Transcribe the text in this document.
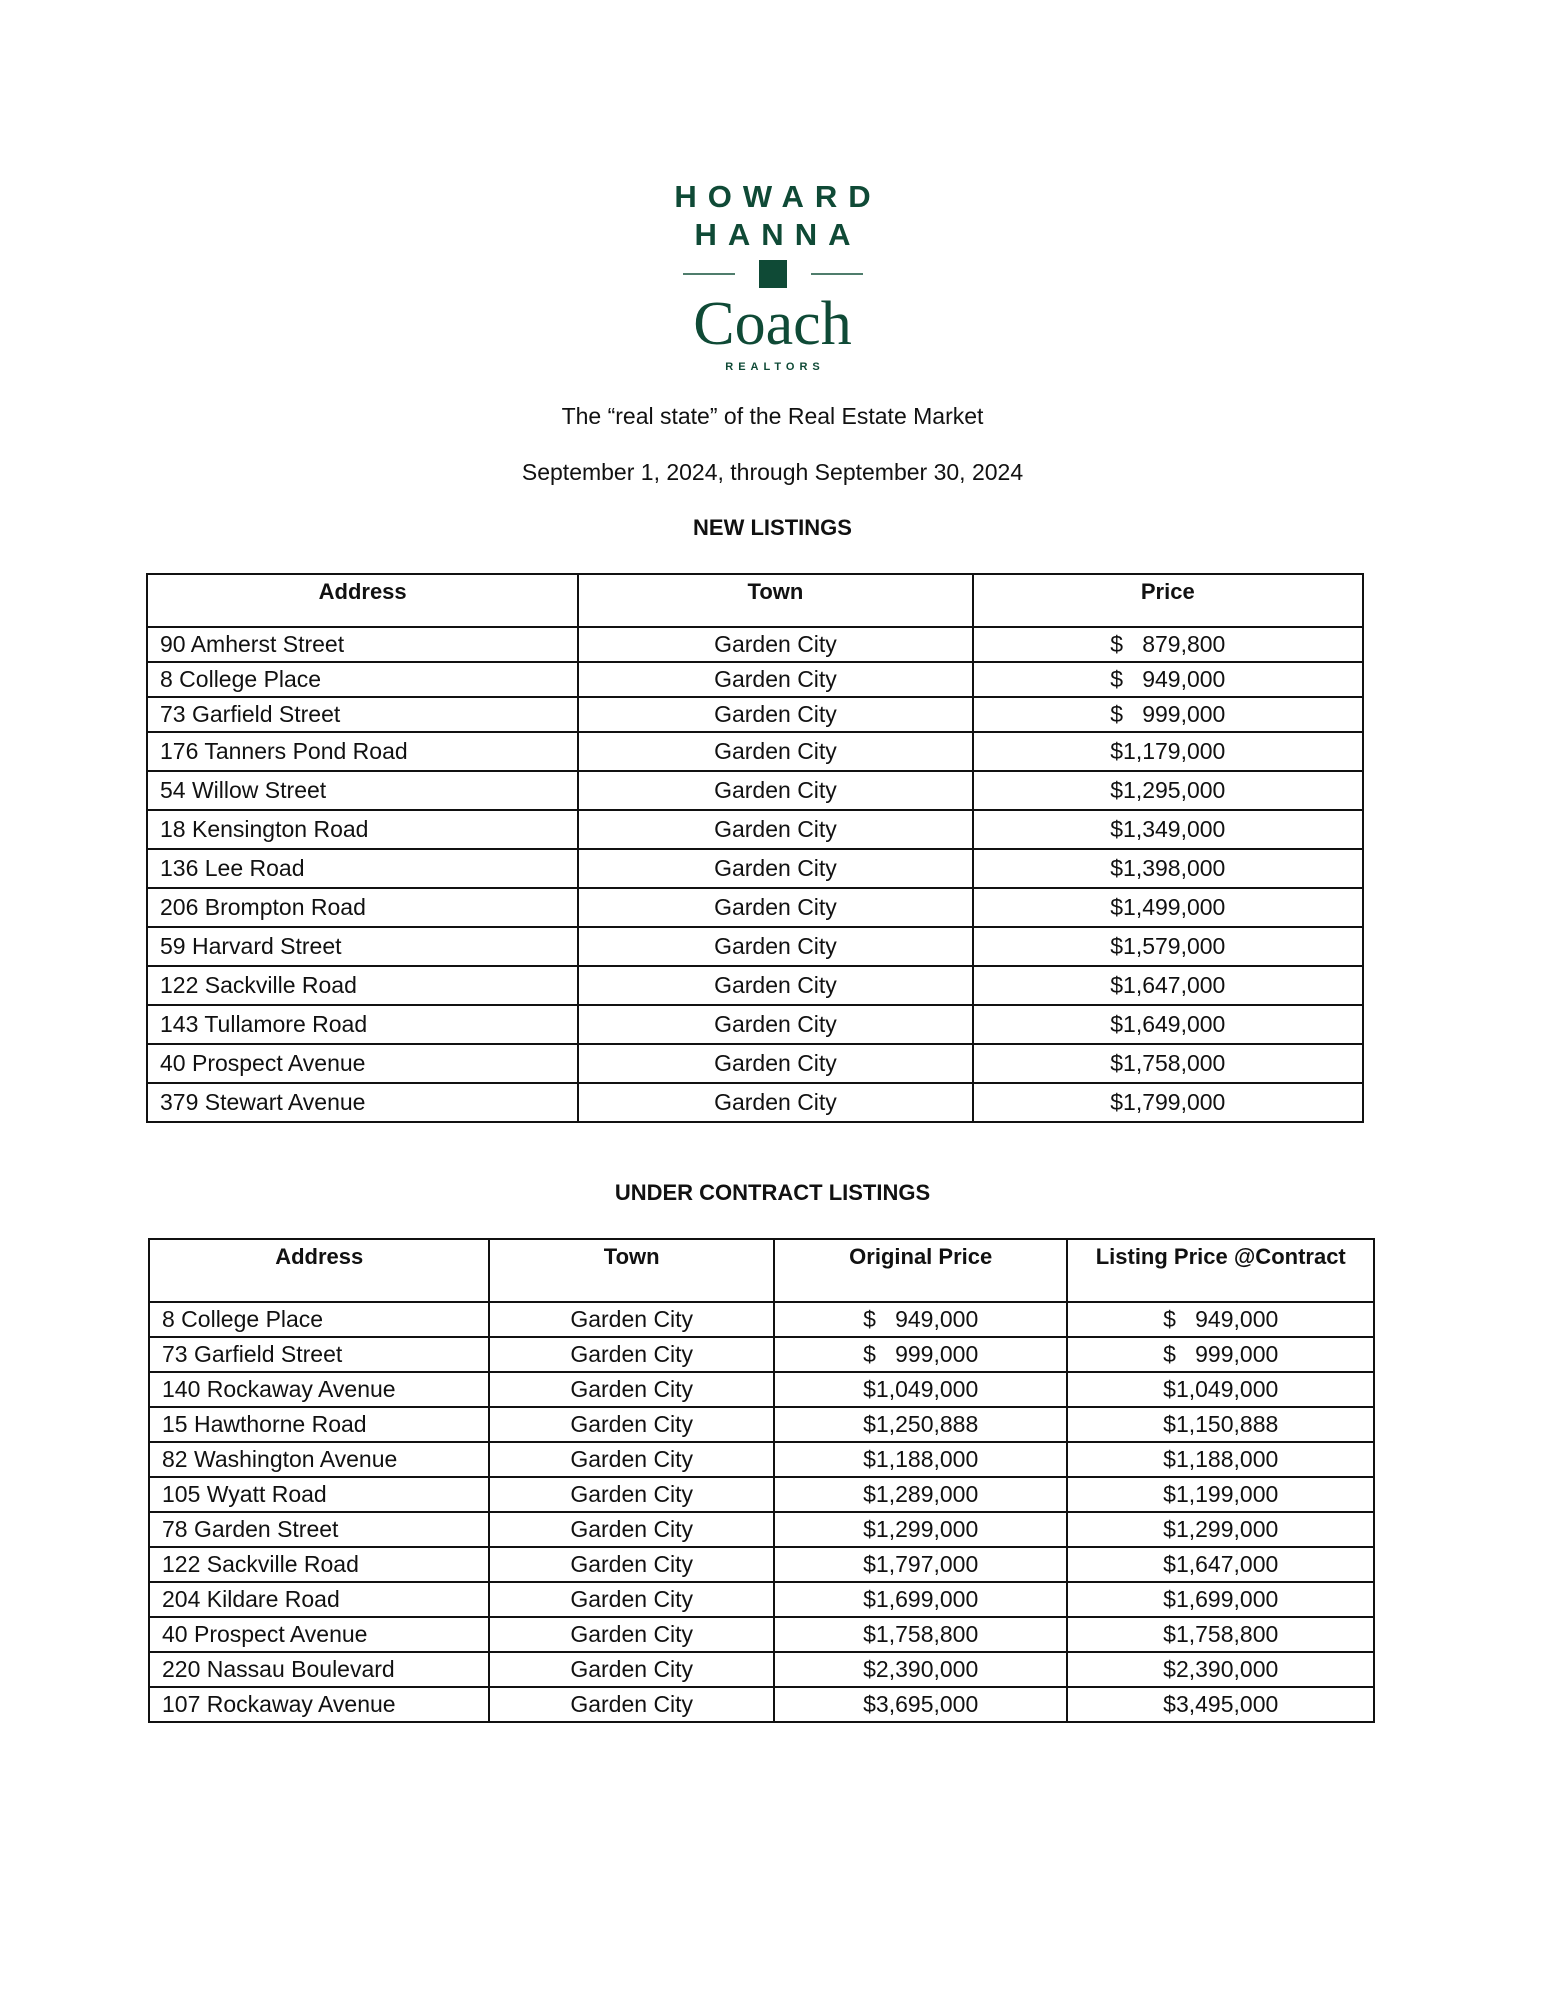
HOWARD
HANNA
Coach
REALTORS
The “real state” of the Real Estate Market
September 1, 2024, through September 30, 2024
NEW LISTINGS
Address	Town	Price
90 Amherst Street	Garden City	$   879,800
8 College Place	Garden City	$   949,000
73 Garfield Street	Garden City	$   999,000
176 Tanners Pond Road	Garden City	$1,179,000
54 Willow Street	Garden City	$1,295,000
18 Kensington Road	Garden City	$1,349,000
136 Lee Road	Garden City	$1,398,000
206 Brompton Road	Garden City	$1,499,000
59 Harvard Street	Garden City	$1,579,000
122 Sackville Road	Garden City	$1,647,000
143 Tullamore Road	Garden City	$1,649,000
40 Prospect Avenue	Garden City	$1,758,000
379 Stewart Avenue	Garden City	$1,799,000
UNDER CONTRACT LISTINGS
Address	Town	Original Price	Listing Price @Contract
8 College Place	Garden City	$   949,000	$   949,000
73 Garfield Street	Garden City	$   999,000	$   999,000
140 Rockaway Avenue	Garden City	$1,049,000	$1,049,000
15 Hawthorne Road	Garden City	$1,250,888	$1,150,888
82 Washington Avenue	Garden City	$1,188,000	$1,188,000
105 Wyatt Road	Garden City	$1,289,000	$1,199,000
78 Garden Street	Garden City	$1,299,000	$1,299,000
122 Sackville Road	Garden City	$1,797,000	$1,647,000
204 Kildare Road	Garden City	$1,699,000	$1,699,000
40 Prospect Avenue	Garden City	$1,758,800	$1,758,800
220 Nassau Boulevard	Garden City	$2,390,000	$2,390,000
107 Rockaway Avenue	Garden City	$3,695,000	$3,495,000
